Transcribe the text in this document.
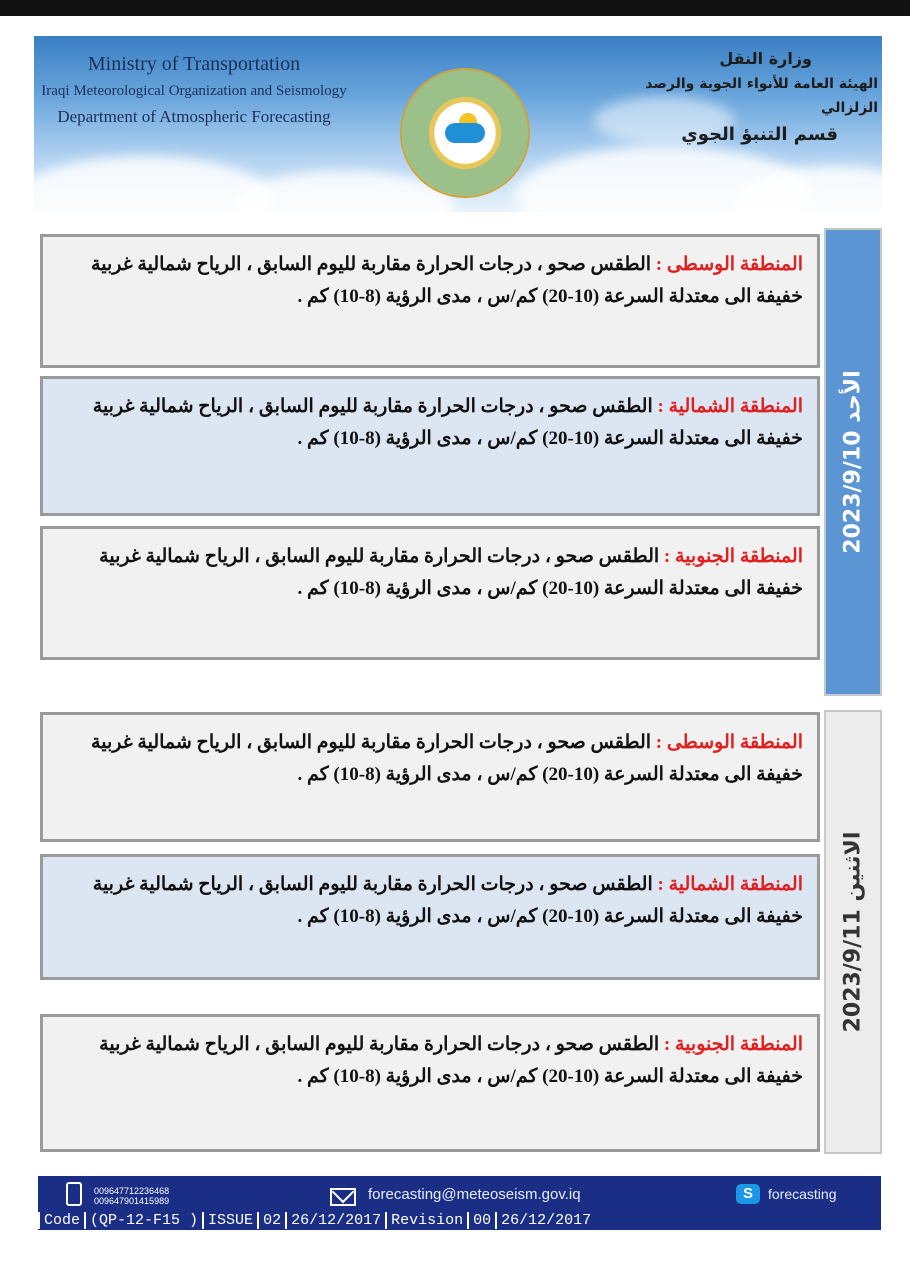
Ministry of Transportation
Iraqi Meteorological Organization and Seismology
Department of Atmospheric Forecasting
وزارة النقل
الهيئة العامة للأنواء الجوية والرصد الزلزالي
قسم التنبؤ الجوي
الأحد 2023/9/10

المنطقة الوسطى : الطقس صحو ، درجات الحرارة مقاربة لليوم السابق ، الرياح شمالية غربية خفيفة الى معتدلة السرعة (10-20) كم/س ، مدى الرؤية (8-10) كم .

المنطقة الشمالية : الطقس صحو ، درجات الحرارة مقاربة لليوم السابق ، الرياح شمالية غربية خفيفة الى معتدلة السرعة (10-20) كم/س ، مدى الرؤية (8-10) كم .

المنطقة الجنوبية : الطقس صحو ، درجات الحرارة مقاربة لليوم السابق ، الرياح شمالية غربية خفيفة الى معتدلة السرعة (10-20) كم/س ، مدى الرؤية (8-10) كم .

الاثنين 2023/9/11

المنطقة الوسطى : الطقس صحو ، درجات الحرارة مقاربة لليوم السابق ، الرياح شمالية غربية خفيفة الى معتدلة السرعة (10-20) كم/س ، مدى الرؤية (8-10) كم .

المنطقة الشمالية : الطقس صحو ، درجات الحرارة مقاربة لليوم السابق ، الرياح شمالية غربية خفيفة الى معتدلة السرعة (10-20) كم/س ، مدى الرؤية (8-10) كم .

المنطقة الجنوبية : الطقس صحو ، درجات الحرارة مقاربة لليوم السابق ، الرياح شمالية غربية خفيفة الى معتدلة السرعة (10-20) كم/س ، مدى الرؤية (8-10) كم .

009647712236468
009647901415989	forecasting@meteoseism.gov.iq	S	forecasting
Code (QP-12-F15 ) ISSUE 02 26/12/2017 Revision 00 26/12/2017
